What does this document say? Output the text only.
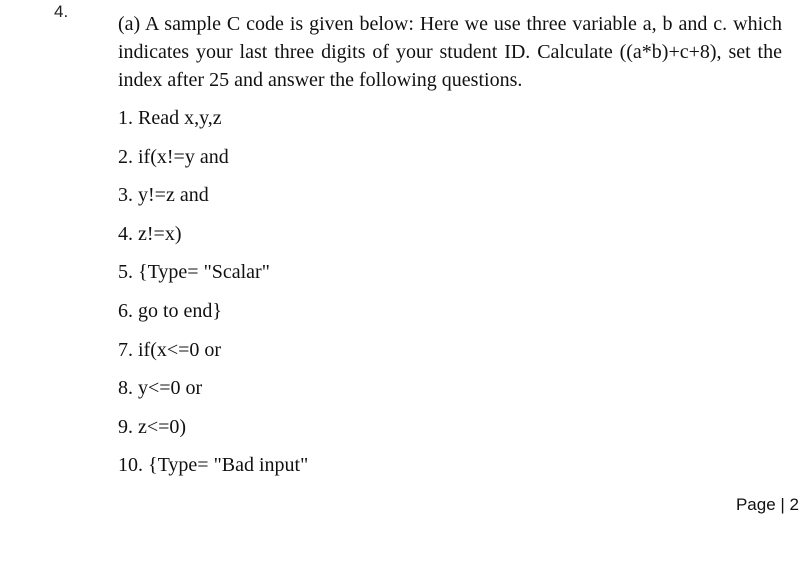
4.
(a) A sample C code is given below: Here we use three variable a, b and c. which indicates your last three digits of your student ID. Calculate ((a*b)+c+8), set the index after 25 and answer the following questions.
1. Read x,y,z
2. if(x!=y and
3. y!=z and
4. z!=x)
5. {Type= "Scalar"
6. go to end}
7. if(x<=0 or
8. y<=0 or
9. z<=0)
10. {Type= "Bad input"
Page | 2
